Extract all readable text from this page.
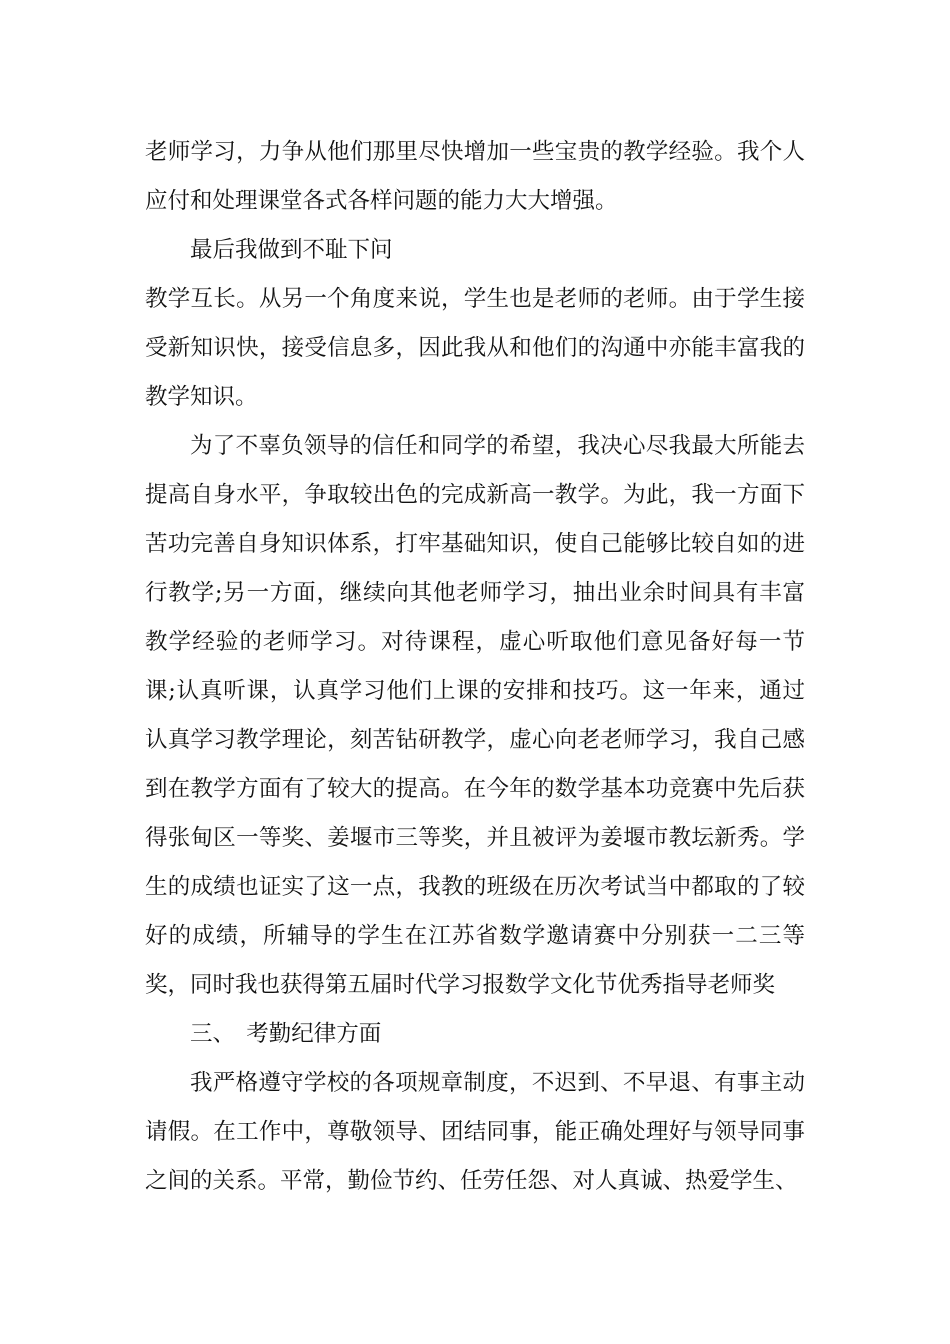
老师学习，力争从他们那里尽快增加一些宝贵的教学经验。我个人应付和处理课堂各式各样问题的能力大大增强。

最后我做到不耻下问

教学互长。从另一个角度来说，学生也是老师的老师。由于学生接受新知识快，接受信息多，因此我从和他们的沟通中亦能丰富我的教学知识。

为了不辜负领导的信任和同学的希望，我决心尽我最大所能去提高自身水平，争取较出色的完成新高一教学。为此，我一方面下苦功完善自身知识体系，打牢基础知识，使自己能够比较自如的进行教学;另一方面，继续向其他老师学习，抽出业余时间具有丰富教学经验的老师学习。对待课程，虚心听取他们意见备好每一节课;认真听课，认真学习他们上课的安排和技巧。这一年来，通过认真学习教学理论，刻苦钻研教学，虚心向老老师学习，我自己感到在教学方面有了较大的提高。在今年的数学基本功竞赛中先后获得张甸区一等奖、姜堰市三等奖，并且被评为姜堰市教坛新秀。学生的成绩也证实了这一点，我教的班级在历次考试当中都取的了较好的成绩，所辅导的学生在江苏省数学邀请赛中分别获一二三等奖，同时我也获得第五届时代学习报数学文化节优秀指导老师奖

三、　考勤纪律方面

我严格遵守学校的各项规章制度，不迟到、不早退、有事主动请假。在工作中，尊敬领导、团结同事，能正确处理好与领导同事之间的关系。平常，勤俭节约、任劳任怨、对人真诚、热爱学生、
